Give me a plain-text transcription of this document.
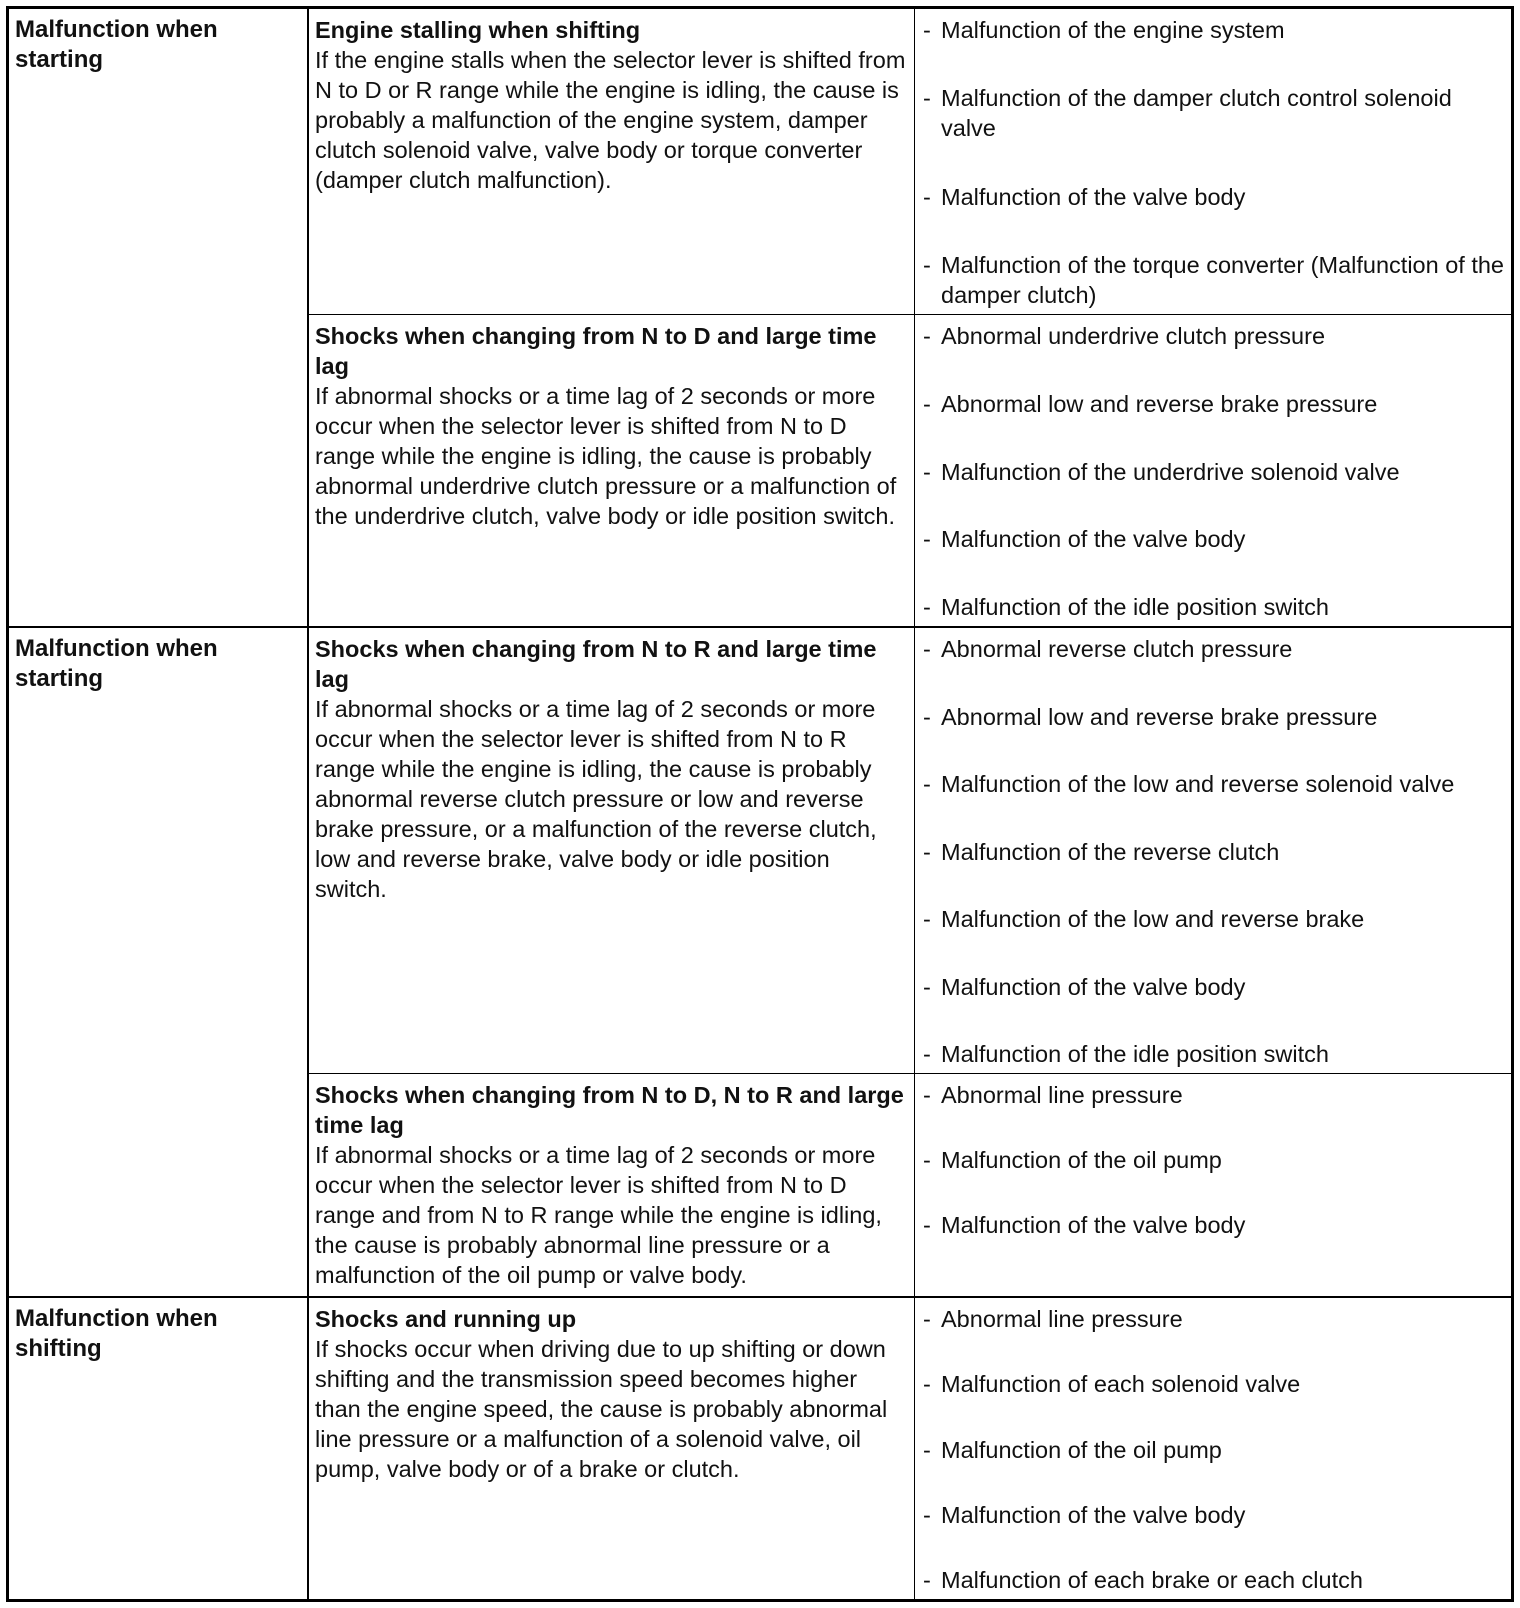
Malfunction when starting
Engine stalling when shifting
If the engine stalls when the selector lever is shifted from N to D or R range while the engine is idling, the cause is probably a malfunction of the engine system, damper clutch solenoid valve, valve body or torque converter (damper clutch malfunction).
- Malfunction of the engine system
- Malfunction of the damper clutch control solenoid valve
- Malfunction of the valve body
- Malfunction of the torque converter (Malfunction of the damper clutch)
Shocks when changing from N to D and large time lag
If abnormal shocks or a time lag of 2 seconds or more occur when the selector lever is shifted from N to D range while the engine is idling, the cause is probably abnormal underdrive clutch pressure or a malfunction of the underdrive clutch, valve body or idle position switch.
- Abnormal underdrive clutch pressure
- Abnormal low and reverse brake pressure
- Malfunction of the underdrive solenoid valve
- Malfunction of the valve body
- Malfunction of the idle position switch
Malfunction when starting
Shocks when changing from N to R and large time lag
If abnormal shocks or a time lag of 2 seconds or more occur when the selector lever is shifted from N to R range while the engine is idling, the cause is probably abnormal reverse clutch pressure or low and reverse brake pressure, or a malfunction of the reverse clutch, low and reverse brake, valve body or idle position switch.
- Abnormal reverse clutch pressure
- Abnormal low and reverse brake pressure
- Malfunction of the low and reverse solenoid valve
- Malfunction of the reverse clutch
- Malfunction of the low and reverse brake
- Malfunction of the valve body
- Malfunction of the idle position switch
Shocks when changing from N to D, N to R and large time lag
If abnormal shocks or a time lag of 2 seconds or more occur when the selector lever is shifted from N to D range and from N to R range while the engine is idling, the cause is probably abnormal line pressure or a malfunction of the oil pump or valve body.
- Abnormal line pressure
- Malfunction of the oil pump
- Malfunction of the valve body
Malfunction when shifting
Shocks and running up
If shocks occur when driving due to up shifting or down shifting and the transmission speed becomes higher than the engine speed, the cause is probably abnormal line pressure or a malfunction of a solenoid valve, oil pump, valve body or of a brake or clutch.
- Abnormal line pressure
- Malfunction of each solenoid valve
- Malfunction of the oil pump
- Malfunction of the valve body
- Malfunction of each brake or each clutch
